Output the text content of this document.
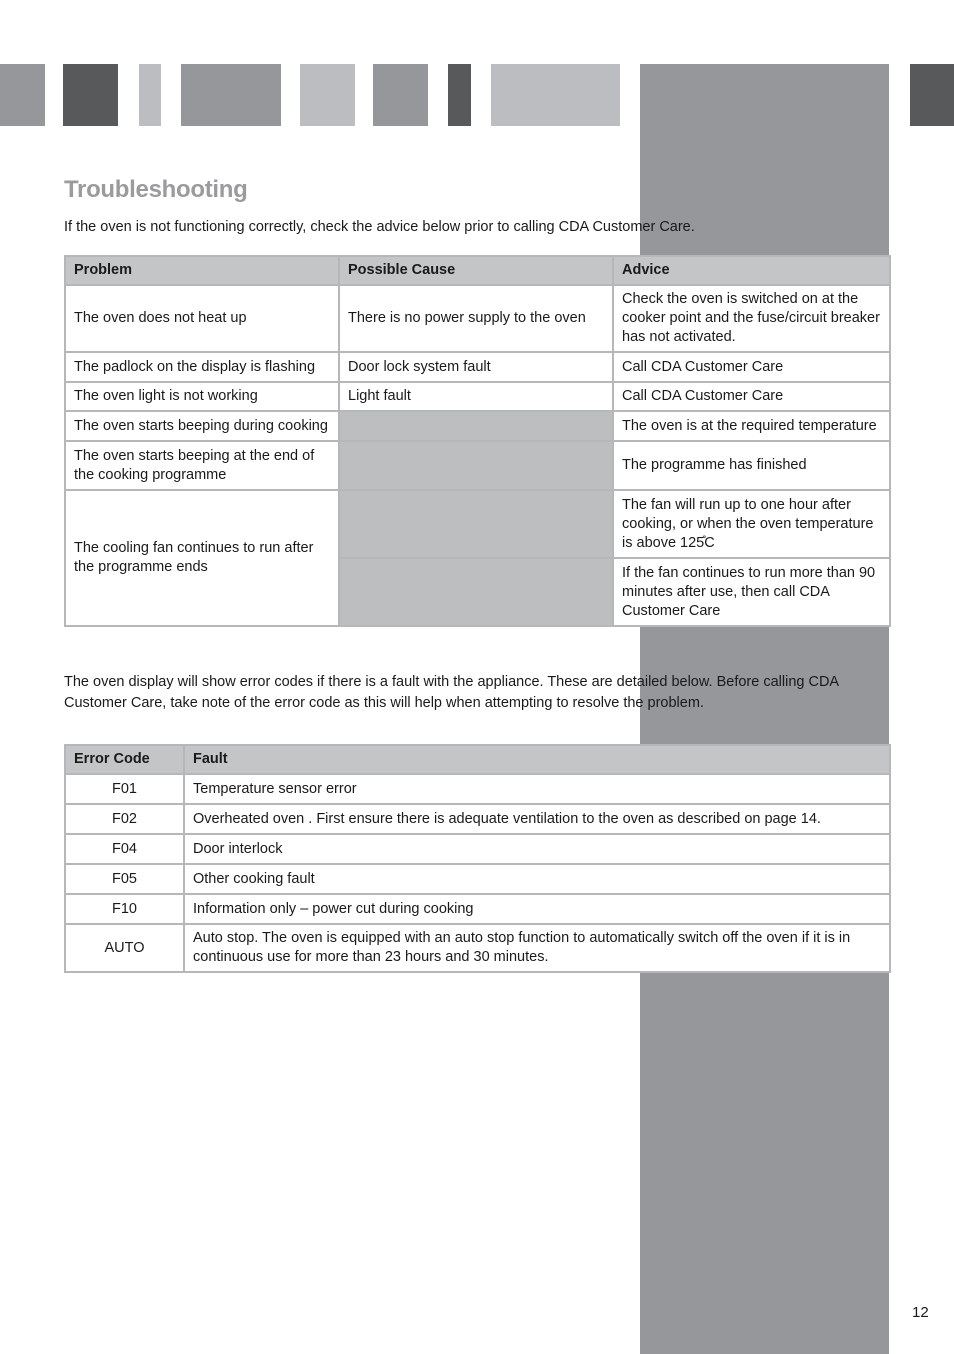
Troubleshooting

If the oven is not functioning correctly, check the advice below prior to calling CDA Customer Care.

Problem	Possible Cause	Advice
The oven does not heat up	There is no power supply to the oven	Check the oven is switched on at the cooker point and the fuse/circuit breaker has not activated.
The padlock on the display is flashing	Door lock system fault	Call CDA Customer Care
The oven light is not working	Light fault	Call CDA Customer Care
The oven starts beeping during cooking		The oven is at the required temperature
The oven starts beeping at the end of the cooking programme		The programme has finished
The cooling fan continues to run after the programme ends		The fan will run up to one hour after cooking, or when the oven temperature is above 125̊C
		If the fan continues to run more than 90 minutes after use, then call CDA Customer Care

The oven display will show error codes if there is a fault with the appliance. These are detailed below. Before calling CDA Customer Care, take note of the error code as this will help when attempting to resolve the problem.

Error Code	Fault
F01	Temperature sensor error
F02	Overheated oven . First ensure there is adequate ventilation to the oven as described on page 14.
F04	Door interlock
F05	Other cooking fault
F10	Information only – power cut during cooking
AUTO	Auto stop. The oven is equipped with an auto stop function to automatically switch off the oven if it is in continuous use for more than 23 hours and 30 minutes.
12
